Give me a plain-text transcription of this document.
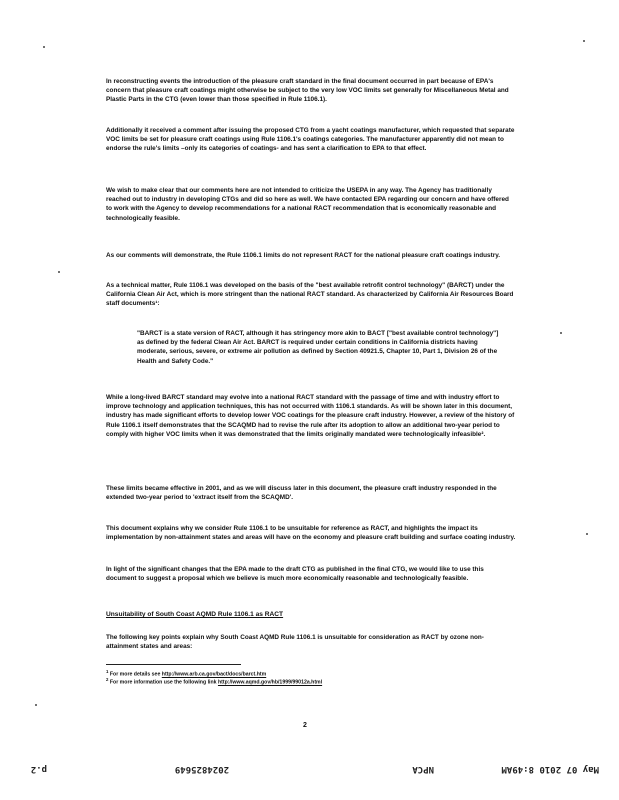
In reconstructing events the introduction of the pleasure craft standard in the final document occurred in part because of EPA's concern that pleasure craft coatings might otherwise be subject to the very low VOC limits set generally for Miscellaneous Metal and Plastic Parts in the CTG (even lower than those specified in Rule 1106.1).

Additionally it received a comment after issuing the proposed CTG from a yacht coatings manufacturer, which requested that separate VOC limits be set for pleasure craft coatings using Rule 1106.1's coatings categories. The manufacturer apparently did not mean to endorse the rule's limits –only its categories of coatings- and has sent a clarification to EPA to that effect.

We wish to make clear that our comments here are not intended to criticize the USEPA in any way. The Agency has traditionally reached out to industry in developing CTGs and did so here as well. We have contacted EPA regarding our concern and have offered to work with the Agency to develop recommendations for a national RACT recommendation that is economically reasonable and technologically feasible.

As our comments will demonstrate, the Rule 1106.1 limits do not represent RACT for the national pleasure craft coatings industry.

As a technical matter, Rule 1106.1 was developed on the basis of the "best available retrofit control technology" (BARCT) under the California Clean Air Act, which is more stringent than the national RACT standard. As characterized by California Air Resources Board staff documents¹:

"BARCT is a state version of RACT, although it has stringency more akin to BACT ["best available control technology"] as defined by the federal Clean Air Act. BARCT is required under certain conditions in California districts having moderate, serious, severe, or extreme air pollution as defined by Section 40921.5, Chapter 10, Part 1, Division 26 of the Health and Safety Code."

While a long-lived BARCT standard may evolve into a national RACT standard with the passage of time and with industry effort to improve technology and application techniques, this has not occurred with 1106.1 standards. As will be shown later in this document, industry has made significant efforts to develop lower VOC coatings for the pleasure craft industry. However, a review of the history of Rule 1106.1 itself demonstrates that the SCAQMD had to revise the rule after its adoption to allow an additional two-year period to comply with higher VOC limits when it was demonstrated that the limits originally mandated were technologically infeasible².

These limits became effective in 2001, and as we will discuss later in this document, the pleasure craft industry responded in the extended two-year period to 'extract itself from the SCAQMD'.

This document explains why we consider Rule 1106.1 to be unsuitable for reference as RACT, and highlights the impact its implementation by non-attainment states and areas will have on the economy and pleasure craft building and surface coating industry.

In light of the significant changes that the EPA made to the draft CTG as published in the final CTG, we would like to use this document to suggest a proposal which we believe is much more economically reasonable and technologically feasible.

Unsuitability of South Coast AQMD Rule 1106.1 as RACT

The following key points explain why South Coast AQMD Rule 1106.1 is unsuitable for consideration as RACT by ozone non-attainment states and areas:

$^1$ For more details see http://www.arb.ca.gov/bact/docs/barct.htm

$^2$ For more information use the following link http://www.aqmd.gov/hb/1999/99012a.html

2

May 07 2010 8:49AM
NPCA
2024825649
p.2
